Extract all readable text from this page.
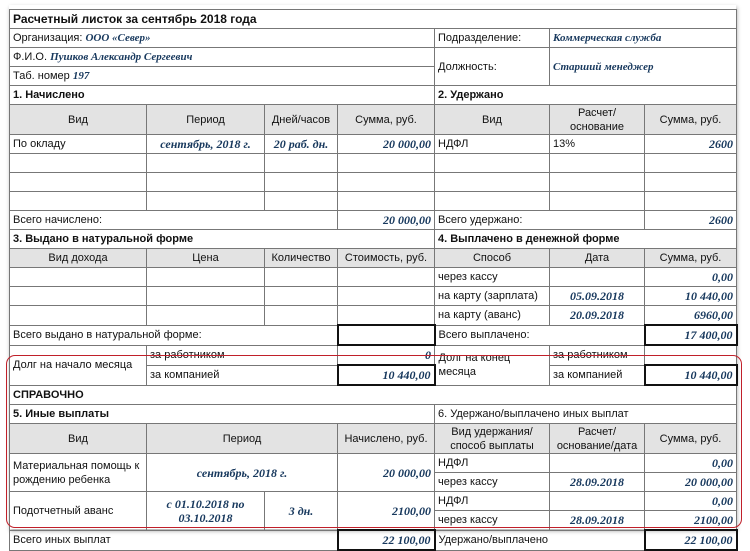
Расчетный листок за сентябрь 2018 года						
Организация: ООО «Север»				Подразделение:	Коммерческая служба	
Ф.И.О. Пушков Александр Сергеевич				Должность:	Старший менеджер	
Таб. номер 197						
1. Начислено				2. Удержано		
Вид	Период	Дней/часов	Сумма, руб.	Вид	Расчет/ основание	Сумма, руб.
По окладу	сентябрь, 2018 г.	20 раб. дн.	20 000,00	НДФЛ	13%	2600

Всего начислено:			20 000,00	Всего удержано:		2600
3. Выдано в натуральной форме				4. Выплачено в денежной форме		
Вид дохода	Цена	Количество	Стоимость, руб.	Способ	Дата	Сумма, руб.
				через кассу		0,00
				на карту (зарплата)	05.09.2018	10 440,00
				на карту (аванс)	20.09.2018	6960,00
Всего выдано в натуральной форме:				Всего выплачено:		17 400,00
Долг на начало месяца	за работником		0	Долг на конец месяца	за работником	
	за компанией		10 440,00		за компанией	10 440,00
СПРАВОЧНО						
5. Иные выплаты				6. Удержано/выплачено иных выплат		
Вид	Период		Начислено, руб.	Вид удержания/ способ выплаты	Расчет/ основание/дата	Сумма, руб.
Материальная помощь к рождению ребенка	сентябрь, 2018 г.		20 000,00	НДФЛ		0,00
				через кассу	28.09.2018	20 000,00
Подотчетный аванс	с 01.10.2018 по 03.10.2018	3 дн.	2100,00	НДФЛ		0,00
				через кассу	28.09.2018	2100,00
Всего иных выплат			22 100,00	Удержано/выплачено		22 100,00
